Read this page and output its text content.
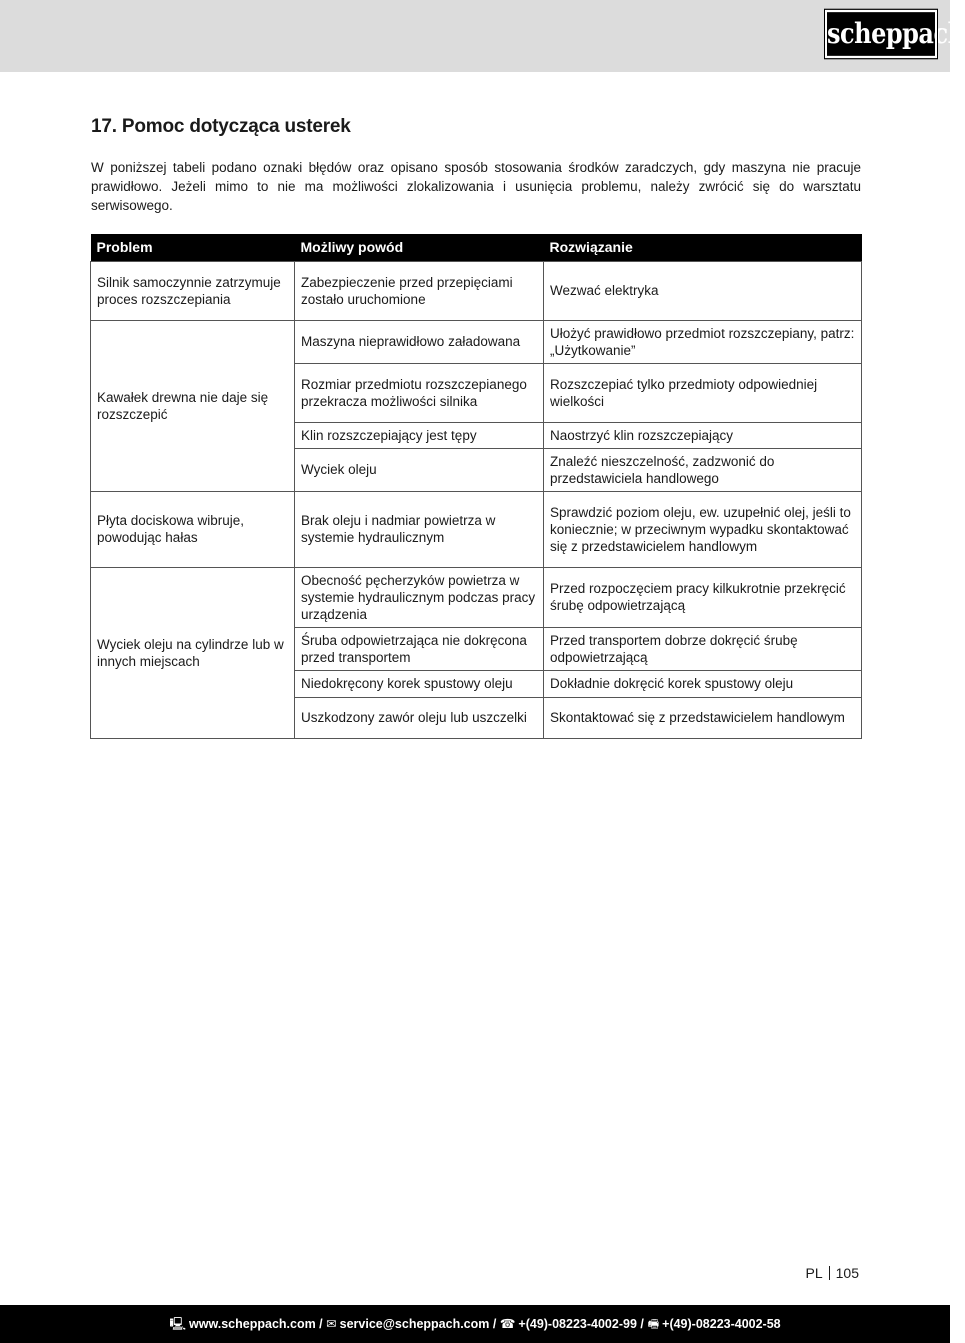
scheppach
17. Pomoc dotycząca usterek

W poniższej tabeli podano oznaki błędów oraz opisano sposób stosowania środków zaradczych, gdy maszyna nie pracuje prawidłowo. Jeżeli mimo to nie ma możliwości zlokalizowania i usunięcia problemu, należy zwrócić się do warsztatu serwisowego.

Problem	Możliwy powód	Rozwiązanie
Silnik samoczynnie zatrzymuje proces rozszczepiania	Zabezpieczenie przed przepięciami zostało uruchomione	Wezwać elektryka
Kawałek drewna nie daje się rozszczepić	Maszyna nieprawidłowo załadowana	Ułożyć prawidłowo przedmiot rozszczepiany, patrz: „Użytkowanie”
	Rozmiar przedmiotu rozszczepianego przekracza możliwości silnika	Rozszczepiać tylko przedmioty odpowiedniej wielkości
	Klin rozszczepiający jest tępy	Naostrzyć klin rozszczepiający
	Wyciek oleju	Znaleźć nieszczelność, zadzwonić do przedstawiciela handlowego
Płyta dociskowa wibruje, powodując hałas	Brak oleju i nadmiar powietrza w systemie hydraulicznym	Sprawdzić poziom oleju, ew. uzupełnić olej, jeśli to koniecznie; w przeciwnym wypadku skontaktować się z przedstawicielem handlowym
Wyciek oleju na cylindrze lub w innych miejscach	Obecność pęcherzyków powietrza w systemie hydraulicznym podczas pracy urządzenia	Przed rozpoczęciem pracy kilkukrotnie przekręcić śrubę odpowietrzającą
	Śruba odpowietrzająca nie dokręcona przed transportem	Przed transportem dobrze dokręcić śrubę odpowietrzającą
	Niedokręcony korek spustowy oleju	Dokładnie dokręcić korek spustowy oleju
	Uszkodzony zawór oleju lub uszczelki	Skontaktować się z przedstawicielem handlowym
PL 105
🖳 www.scheppach.com / ✉ service@scheppach.com / ☎ +(49)-08223-4002-99 / 🖷 +(49)-08223-4002-58
